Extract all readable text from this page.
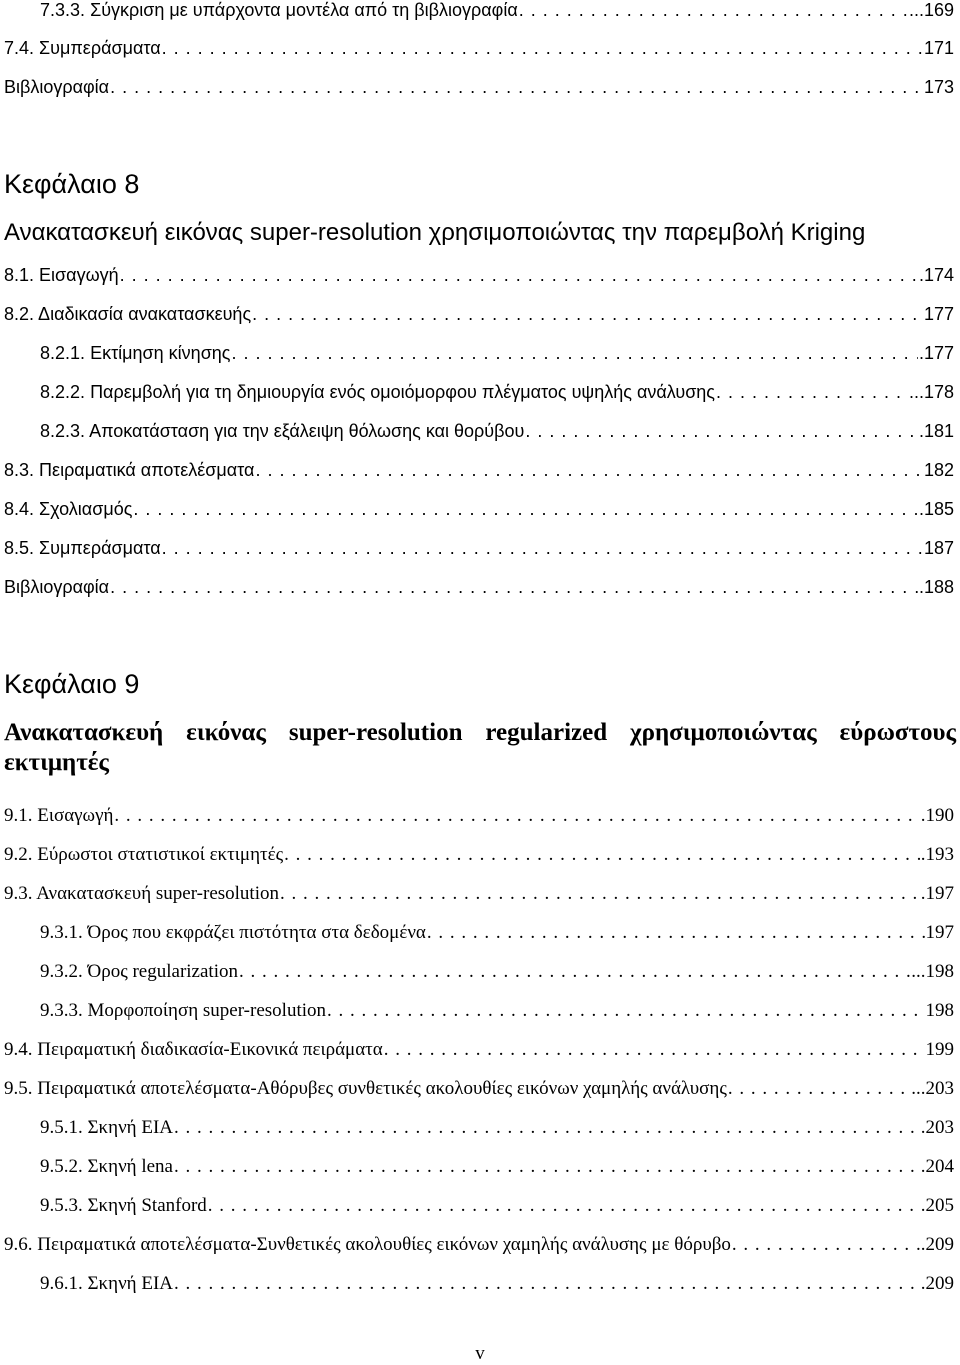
7.3.3. Σύγκριση με υπάρχοντα μοντέλα από τη βιβλιογραφία . . .	...169
7.4. Συμπεράσματα . . .	171
Βιβλιογραφία . . .	173
Κεφάλαιο 8
Ανακατασκευή εικόνας super-resolution χρησιμοποιώντας την παρεμβολή Kriging
8.1. Εισαγωγή . . .	.174
8.2. Διαδικασία ανακατασκευής . . .	177
8.2.1. Εκτίμηση κίνησης . . .	.177
8.2.2. Παρεμβολή για τη δημιουργία ενός ομοιόμορφου πλέγματος υψηλής ανάλυσης . . .	...178
8.2.3. Αποκατάσταση για την εξάλειψη θόλωσης και θορύβου . . .	.181
8.3. Πειραματικά αποτελέσματα . . .	182
8.4. Σχολιασμός . . .	.185
8.5. Συμπεράσματα . . .	187
Βιβλιογραφία . . .	.188
Κεφάλαιο 9
Ανακατασκευή εικόνας super-resolution regularized χρησιμοποιώντας εύρωστους εκτιμητές
9.1. Εισαγωγή . . .	.190
9.2. Εύρωστοι στατιστικοί εκτιμητές . . .	.193
9.3. Ανακατασκευή super-resolution . . .	.197
9.3.1. Όρος που εκφράζει πιστότητα στα δεδομένα . . .	197
9.3.2. Όρος regularization . . .	...198
9.3.3. Μορφοποίηση super-resolution . . .	198
9.4. Πειραματική διαδικασία-Εικονικά πειράματα . . .	199
9.5. Πειραματικά αποτελέσματα-Αθόρυβες συνθετικές ακολουθίες εικόνων χαμηλής ανάλυσης . . .	...203
9.5.1. Σκηνή EIA . . .	.203
9.5.2. Σκηνή lena . . .	.204
9.5.3. Σκηνή Stanford . . .	.205
9.6. Πειραματικά αποτελέσματα-Συνθετικές ακολουθίες εικόνων χαμηλής ανάλυσης με θόρυβο . . .	..209
9.6.1. Σκηνή EIA . . .	.209
v
